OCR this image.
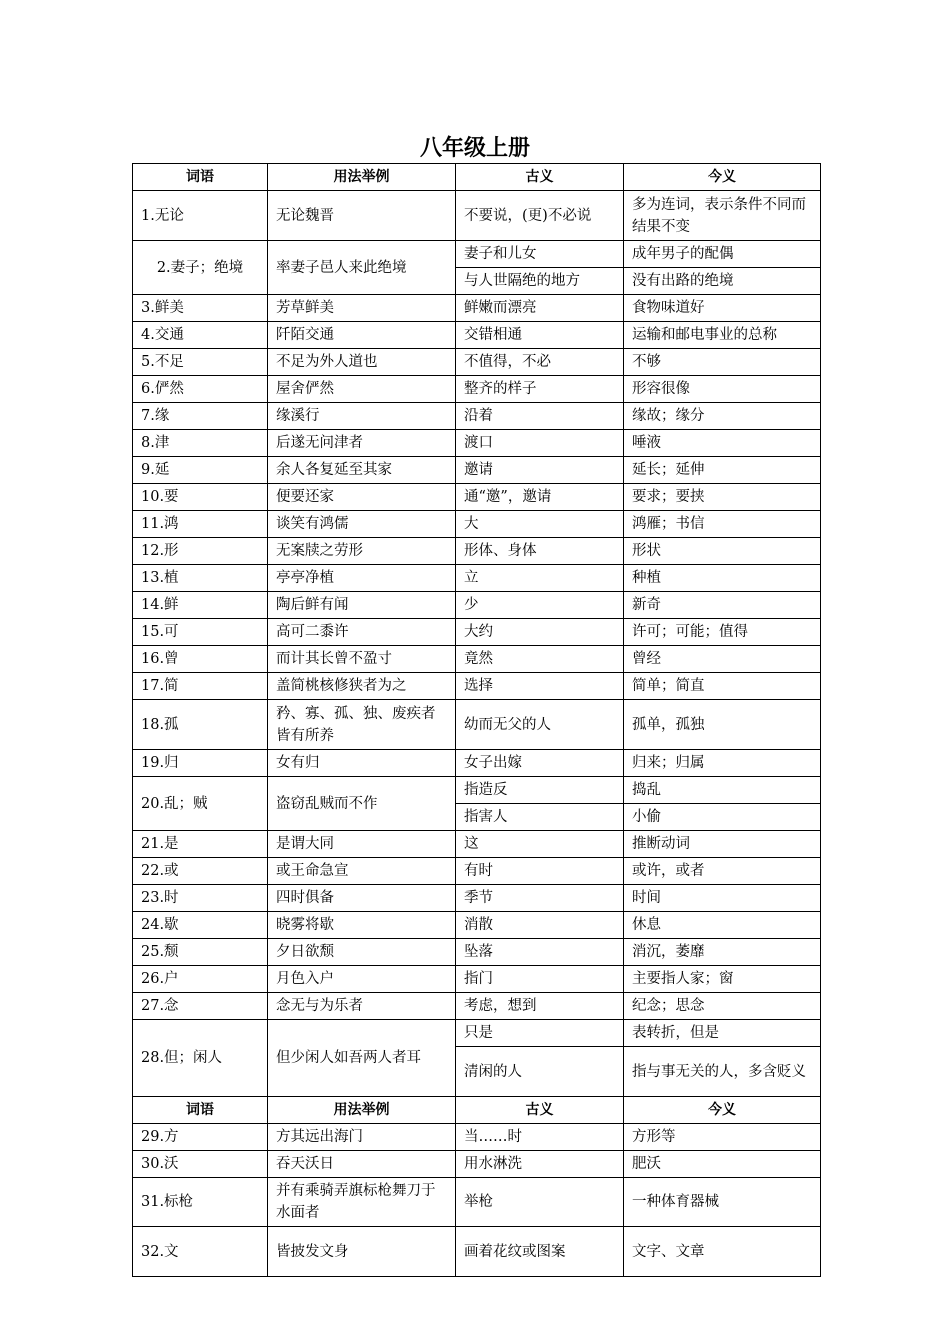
八年级上册
词语	用法举例	古义	今义
1.无论	无论魏晋	不要说，(更)不必说	多为连词，表示条件不同而结果不变
2.妻子；绝境	率妻子邑人来此绝境	妻子和儿女	成年男子的配偶
		与人世隔绝的地方	没有出路的绝境
3.鲜美	芳草鲜美	鲜嫩而漂亮	食物味道好
4.交通	阡陌交通	交错相通	运输和邮电事业的总称
5.不足	不足为外人道也	不值得，不必	不够
6.俨然	屋舍俨然	整齐的样子	形容很像
7.缘	缘溪行	沿着	缘故；缘分
8.津	后遂无问津者	渡口	唾液
9.延	余人各复延至其家	邀请	延长；延伸
10.要	便要还家	通“邀”，邀请	要求；要挟
11.鸿	谈笑有鸿儒	大	鸿雁；书信
12.形	无案牍之劳形	形体、身体	形状
13.植	亭亭净植	立	种植
14.鲜	陶后鲜有闻	少	新奇
15.可	高可二黍许	大约	许可；可能；值得
16.曾	而计其长曾不盈寸	竟然	曾经
17.简	盖简桃核修狭者为之	选择	简单；简直
18.孤	矜、寡、孤、独、废疾者皆有所养	幼而无父的人	孤单，孤独
19.归	女有归	女子出嫁	归来；归属
20.乱；贼	盗窃乱贼而不作	指造反	捣乱
		指害人	小偷
21.是	是谓大同	这	推断动词
22.或	或王命急宣	有时	或许，或者
23.时	四时俱备	季节	时间
24.歇	晓雾将歇	消散	休息
25.颓	夕日欲颓	坠落	消沉，萎靡
26.户	月色入户	指门	主要指人家；窗
27.念	念无与为乐者	考虑，想到	纪念；思念
28.但；闲人	但少闲人如吾两人者耳	只是	表转折，但是
		清闲的人	指与事无关的人，多含贬义
词语	用法举例	古义	今义
29.方	方其远出海门	当……时	方形等
30.沃	吞天沃日	用水淋洗	肥沃
31.标枪	并有乘骑弄旗标枪舞刀于水面者	举枪	一种体育器械
32.文	皆披发文身	画着花纹或图案	文字、文章
